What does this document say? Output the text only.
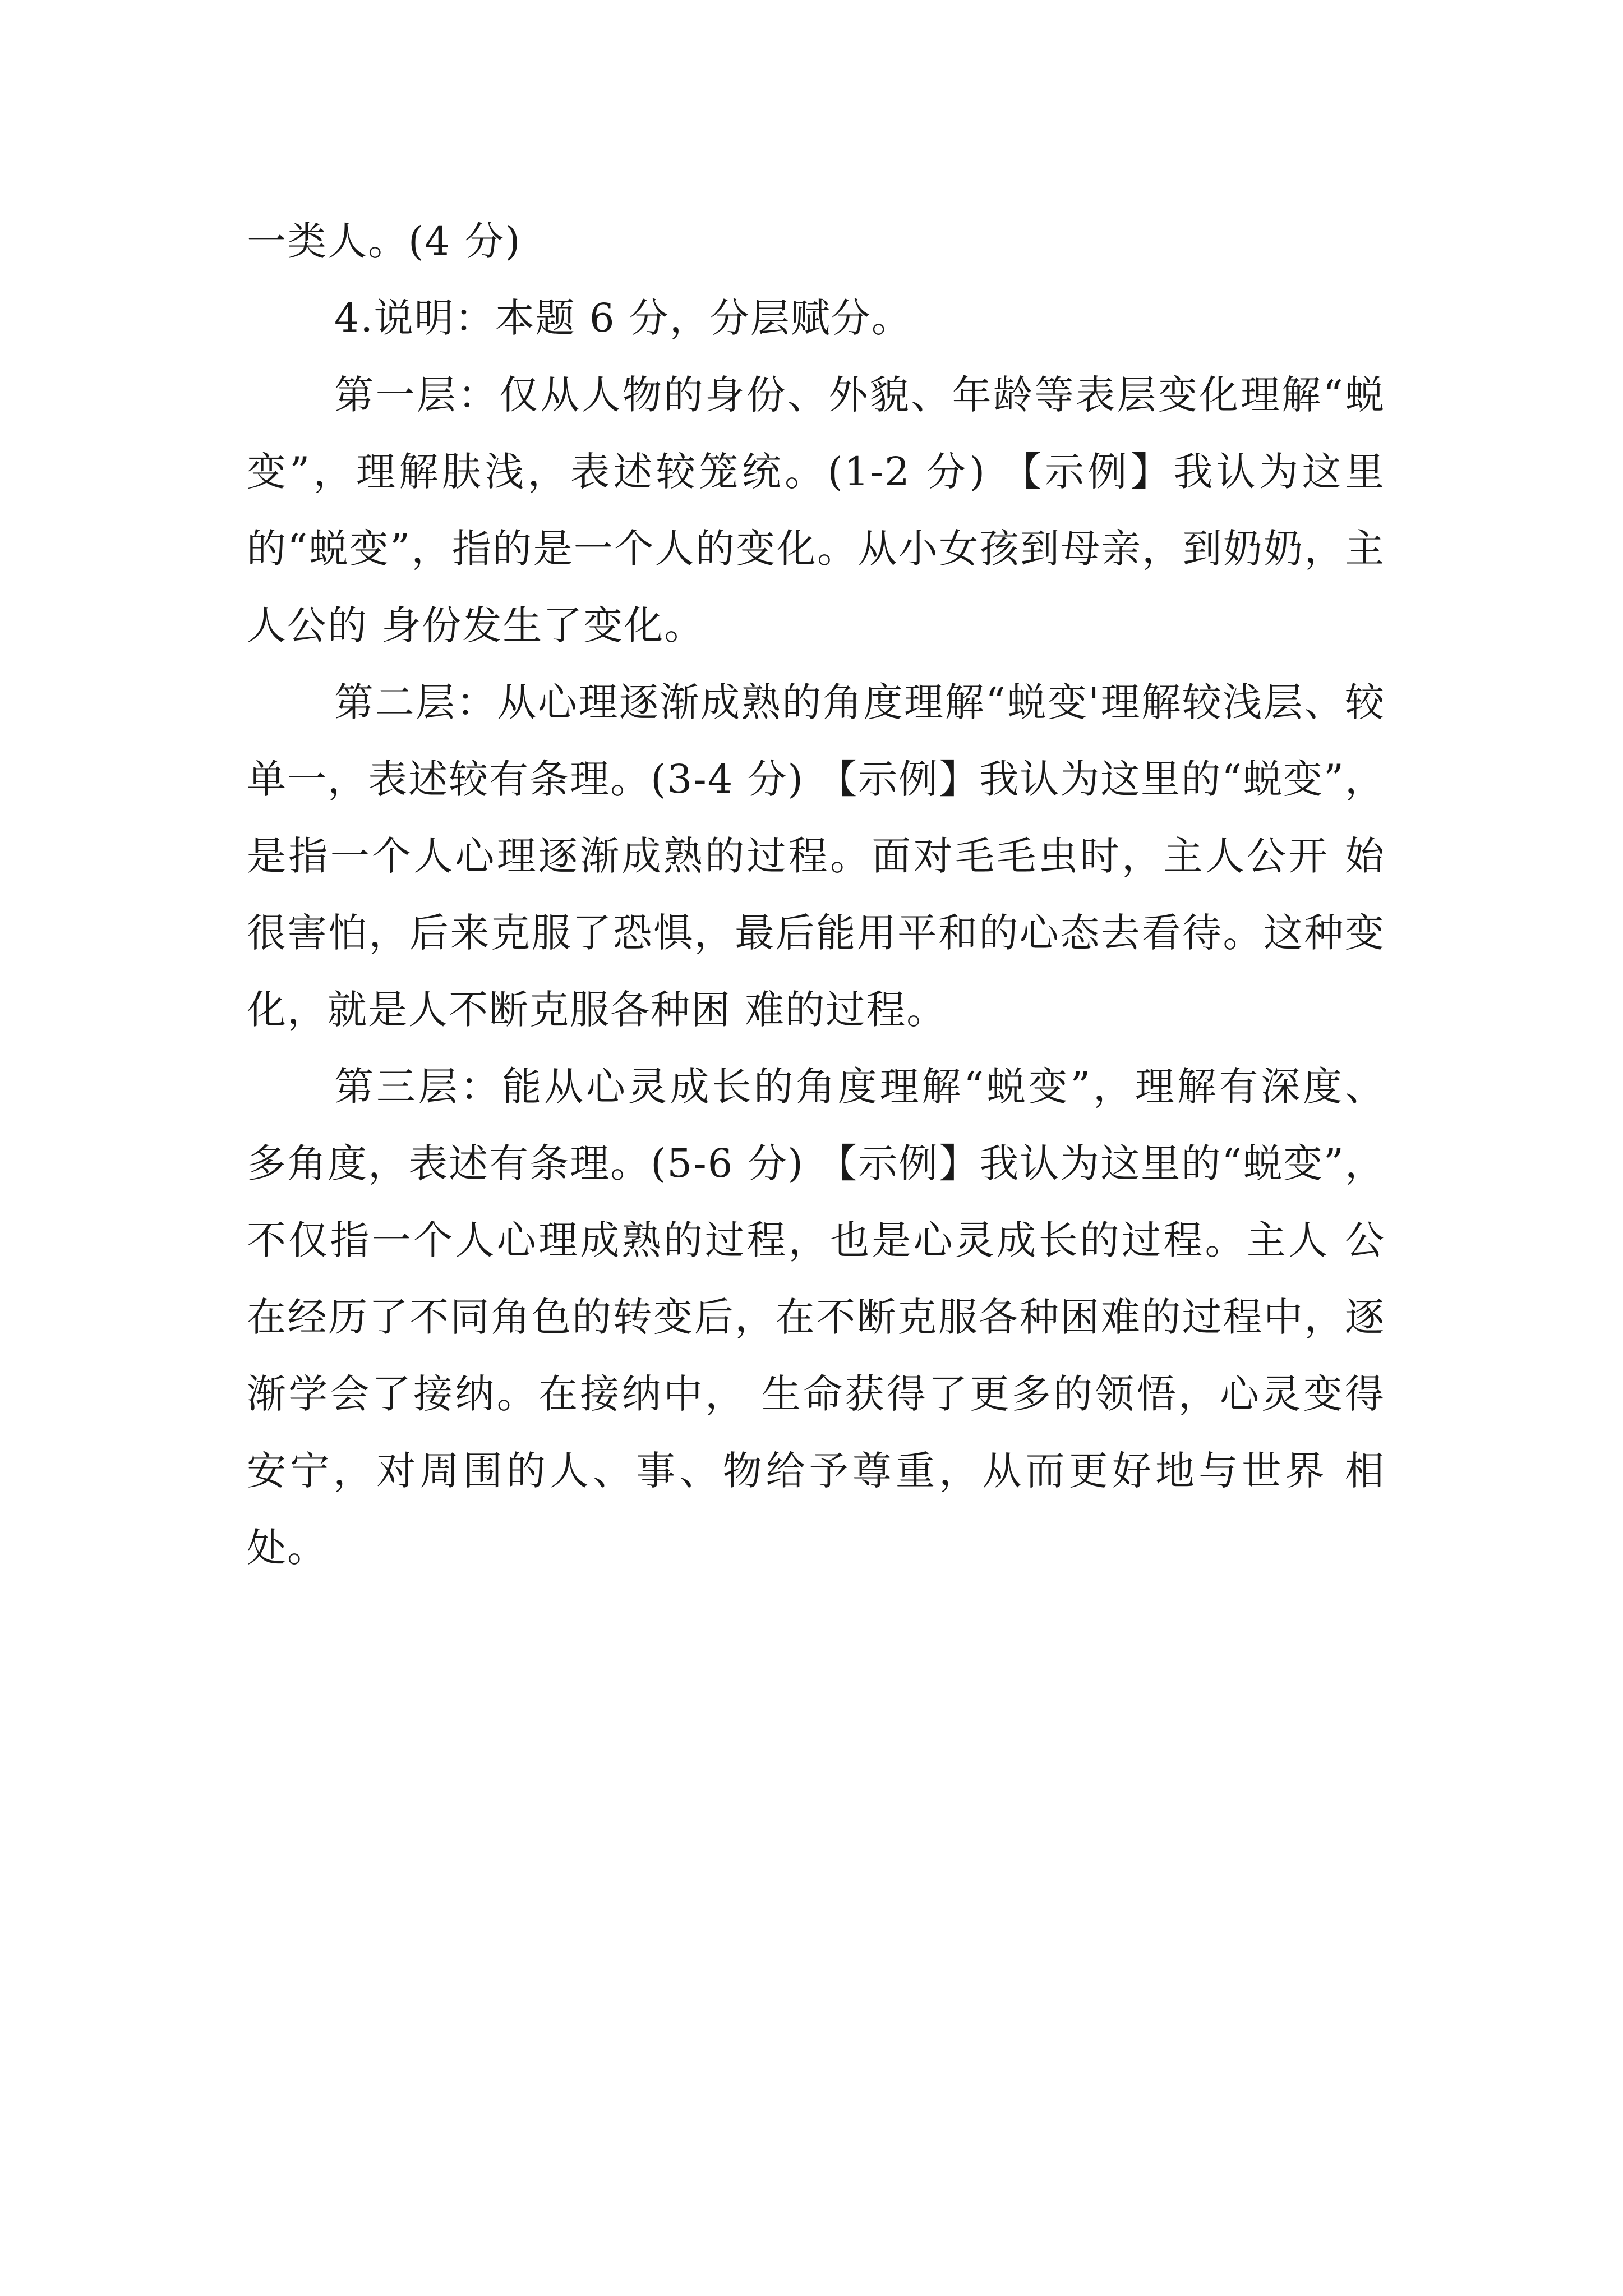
一类人。(4 分)

4.说明：本题 6 分，分层赋分。

第一层：仅从人物的身份、外貌、年龄等表层变化理解“蜕变”，理解肤浅，表述较笼统。(1-2 分) 【示例】我认为这里的“蜕变”，指的是一个人的变化。从小女孩到母亲，到奶奶，主人公的 身份发生了变化。

第二层：从心理逐渐成熟的角度理解“蜕变'理解较浅层、较单一，表述较有条理。(3-4 分) 【示例】我认为这里的“蜕变”，是指一个人心理逐渐成熟的过程。面对毛毛虫时，主人公开 始很害怕，后来克服了恐惧，最后能用平和的心态去看待。这种变化，就是人不断克服各种困 难的过程。

第三层：能从心灵成长的角度理解“蜕变”，理解有深度、多角度，表述有条理。(5-6 分) 【示例】我认为这里的“蜕变”，不仅指一个人心理成熟的过程，也是心灵成长的过程。主人 公在经历了不同角色的转变后，在不断克服各种困难的过程中，逐渐学会了接纳。在接纳中， 生命获得了更多的领悟，心灵变得安宁，对周围的人、事、物给予尊重，从而更好地与世界 相处。
